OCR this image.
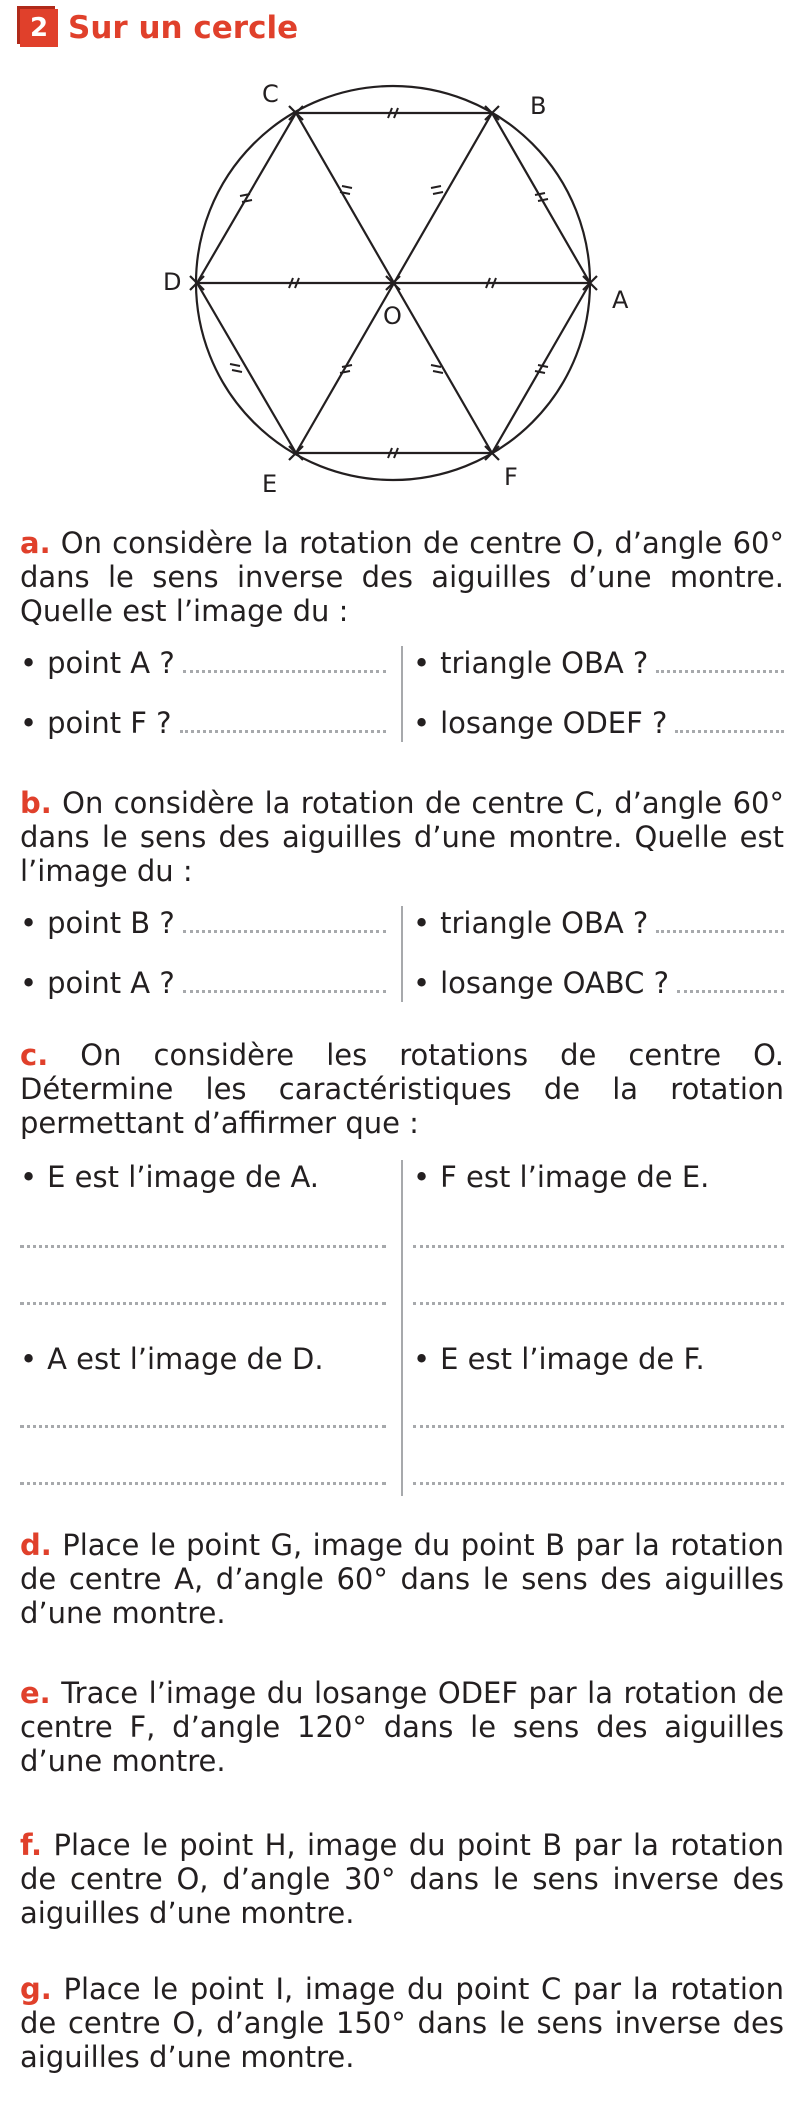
2 Sur un cercle
C	B
A
F
E
D
O

a. On considère la rotation de centre O, d’angle 60° dans le sens inverse des aiguilles d’une montre. Quelle est l’image du :

• point A ?	• triangle OBA ?
• point F ?	• losange ODEF ?

b. On considère la rotation de centre C, d’angle 60° dans le sens des aiguilles d’une montre. Quelle est l’image du :

• point B ?	• triangle OBA ?
• point A ?	• losange OABC ?

c. On considère les rotations de centre O. Détermine les caractéristiques de la rotation permettant d’affirmer que :

• E est l’image de A.	• F est l’image de E.
• A est l’image de D.	• E est l’image de F.

d. Place le point G, image du point B par la rotation de centre A, d’angle 60° dans le sens des aiguilles d’une montre.

e. Trace l’image du losange ODEF par la rotation de centre F, d’angle 120° dans le sens des aiguilles d’une montre.

f. Place le point H, image du point B par la rotation de centre O, d’angle 30° dans le sens inverse des aiguilles d’une montre.

g. Place le point I, image du point C par la rotation de centre O, d’angle 150° dans le sens inverse des aiguilles d’une montre.
